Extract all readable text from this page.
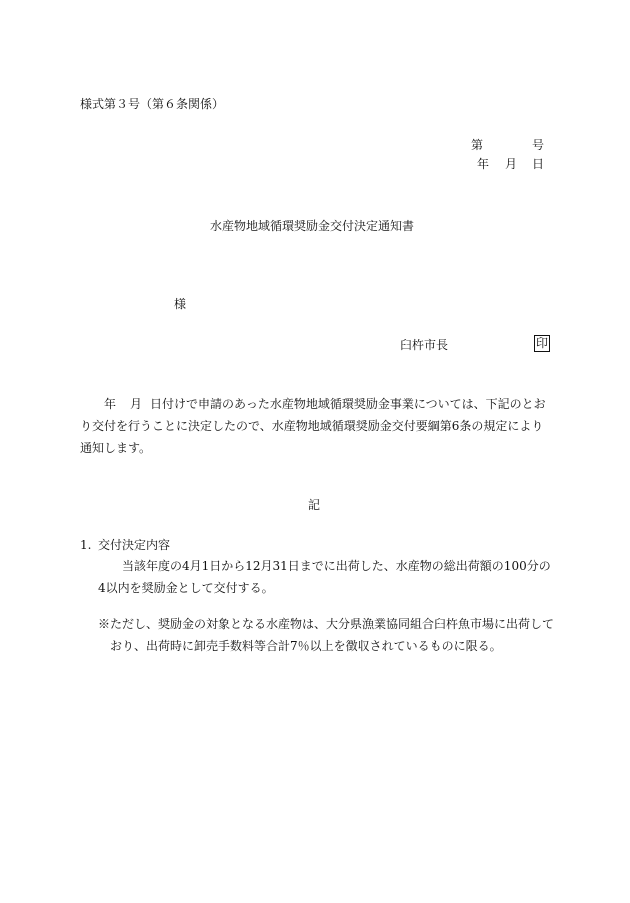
様式第３号（第６条関係）
第	号
年 月 日
水産物地域循環奨励金交付決定通知書
様
臼杵市長	印
年 月 日付けで申請のあった水産物地域循環奨励金事業については、下記のとおり交付を行うことに決定したので、水産物地域循環奨励金交付要綱第6条の規定により通知します。
記
1. 交付決定内容
当該年度の4月1日から12月31日までに出荷した、水産物の総出荷額の100分の4以内を奨励金として交付する。
※ただし、奨励金の対象となる水産物は、大分県漁業協同組合臼杵魚市場に出荷しており、出荷時に卸売手数料等合計7％以上を徴収されているものに限る。
